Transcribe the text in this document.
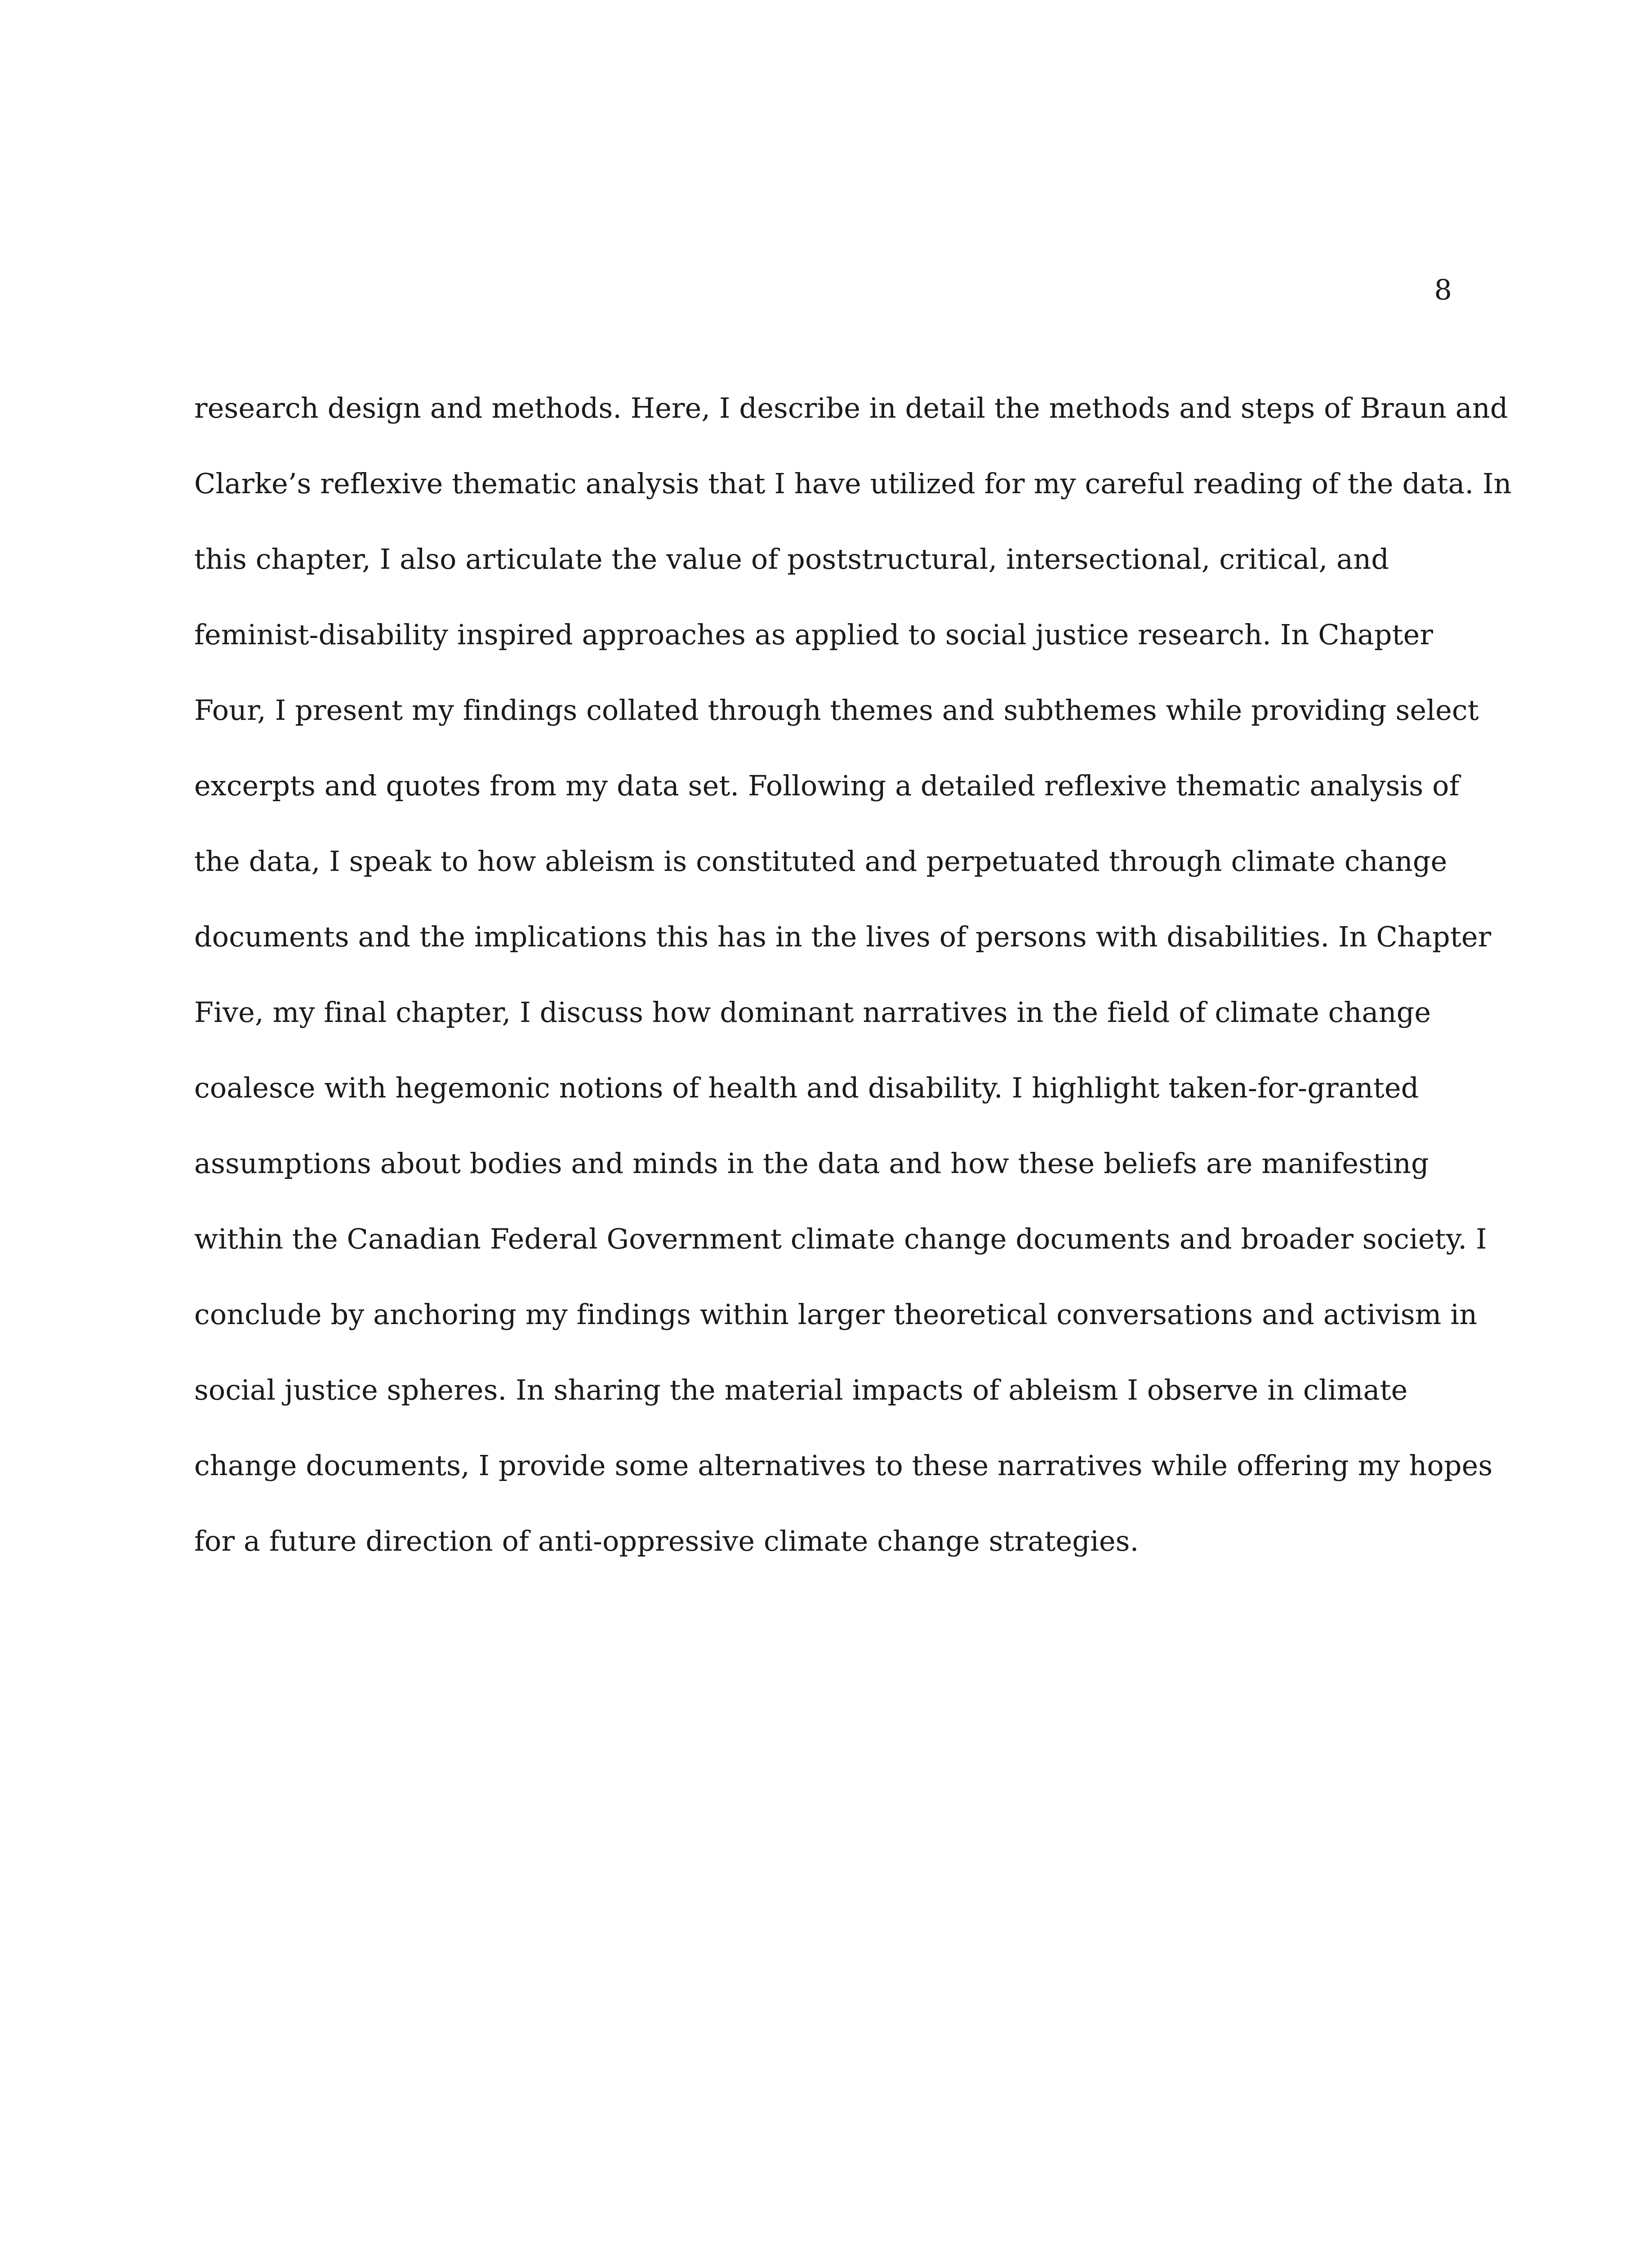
8
research design and methods. Here, I describe in detail the methods and steps of Braun and
Clarke’s reflexive thematic analysis that I have utilized for my careful reading of the data. In
this chapter, I also articulate the value of poststructural, intersectional, critical, and
feminist-disability inspired approaches as applied to social justice research. In Chapter
Four, I present my findings collated through themes and subthemes while providing select
excerpts and quotes from my data set. Following a detailed reflexive thematic analysis of
the data, I speak to how ableism is constituted and perpetuated through climate change
documents and the implications this has in the lives of persons with disabilities. In Chapter
Five, my final chapter, I discuss how dominant narratives in the field of climate change
coalesce with hegemonic notions of health and disability. I highlight taken-for-granted
assumptions about bodies and minds in the data and how these beliefs are manifesting
within the Canadian Federal Government climate change documents and broader society. I
conclude by anchoring my findings within larger theoretical conversations and activism in
social justice spheres. In sharing the material impacts of ableism I observe in climate
change documents, I provide some alternatives to these narratives while offering my hopes
for a future direction of anti-oppressive climate change strategies.
